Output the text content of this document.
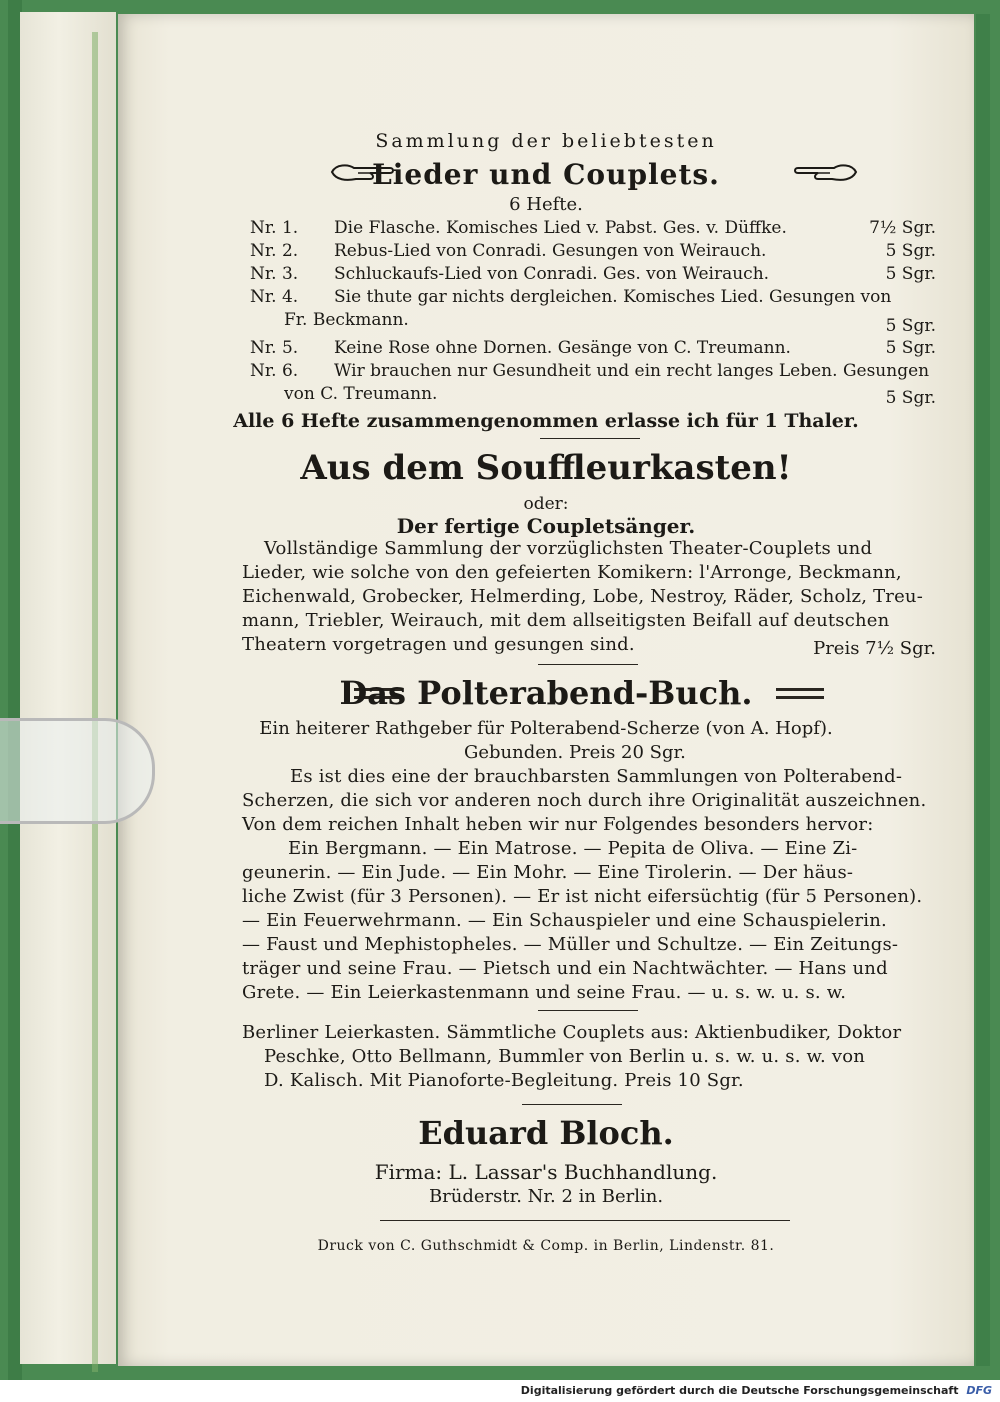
Sammlung der beliebtesten

Lieder und Couplets.

6 Hefte.

Nr. 1. Die Flasche. Komisches Lied v. Pabst. Ges. v. Düffke.	7½ Sgr.
Nr. 2. Rebus-Lied von Conradi. Gesungen von Weirauch.	5 Sgr.
Nr. 3. Schluckaufs-Lied von Conradi. Ges. von Weirauch.	5 Sgr.
Nr. 4. Sie thute gar nichts dergleichen. Komisches Lied. Gesungen von

Fr. Beckmann.	5 Sgr.

Nr. 5. Keine Rose ohne Dornen. Gesänge von C. Treumann.	5 Sgr.
Nr. 6. Wir brauchen nur Gesundheit und ein recht langes Leben. Gesungen

von C. Treumann.	5 Sgr.

Alle 6 Hefte zusammengenommen erlasse ich für 1 Thaler.

Aus dem Souffleurkasten!

oder:

Der fertige Coupletsänger.

Vollständige Sammlung der vorzüglichsten Theater-Couplets und

Lieder, wie solche von den gefeierten Komikern: l'Arronge, Beckmann,

Eichenwald, Grobecker, Helmerding, Lobe, Nestroy, Räder, Scholz, Treu-

mann, Triebler, Weirauch, mit dem allseitigsten Beifall auf deutschen

Theatern vorgetragen und gesungen sind.	Preis 7½ Sgr.

Das Polterabend-Buch.

Ein heiterer Rathgeber für Polterabend-Scherze (von A. Hopf).

Gebunden. Preis 20 Sgr.

Es ist dies eine der brauchbarsten Sammlungen von Polterabend-

Scherzen, die sich vor anderen noch durch ihre Originalität auszeichnen.

Von dem reichen Inhalt heben wir nur Folgendes besonders hervor:

Ein Bergmann. — Ein Matrose. — Pepita de Oliva. — Eine Zi-

geunerin. — Ein Jude. — Ein Mohr. — Eine Tirolerin. — Der häus-

liche Zwist (für 3 Personen). — Er ist nicht eifersüchtig (für 5 Personen).

— Ein Feuerwehrmann. — Ein Schauspieler und eine Schauspielerin.

— Faust und Mephistopheles. — Müller und Schultze. — Ein Zeitungs-

träger und seine Frau. — Pietsch und ein Nachtwächter. — Hans und

Grete. — Ein Leierkastenmann und seine Frau. — u. s. w. u. s. w.

Berliner Leierkasten. Sämmtliche Couplets aus: Aktienbudiker, Doktor

Peschke, Otto Bellmann, Bummler von Berlin u. s. w. u. s. w. von

D. Kalisch. Mit Pianoforte-Begleitung. Preis 10 Sgr.

Eduard Bloch.

Firma: L. Lassar's Buchhandlung.

Brüderstr. Nr. 2 in Berlin.

Druck von C. Guthschmidt & Comp. in Berlin, Lindenstr. 81.

Digitalisierung gefördert durch die Deutsche Forschungsgemeinschaft DFG
